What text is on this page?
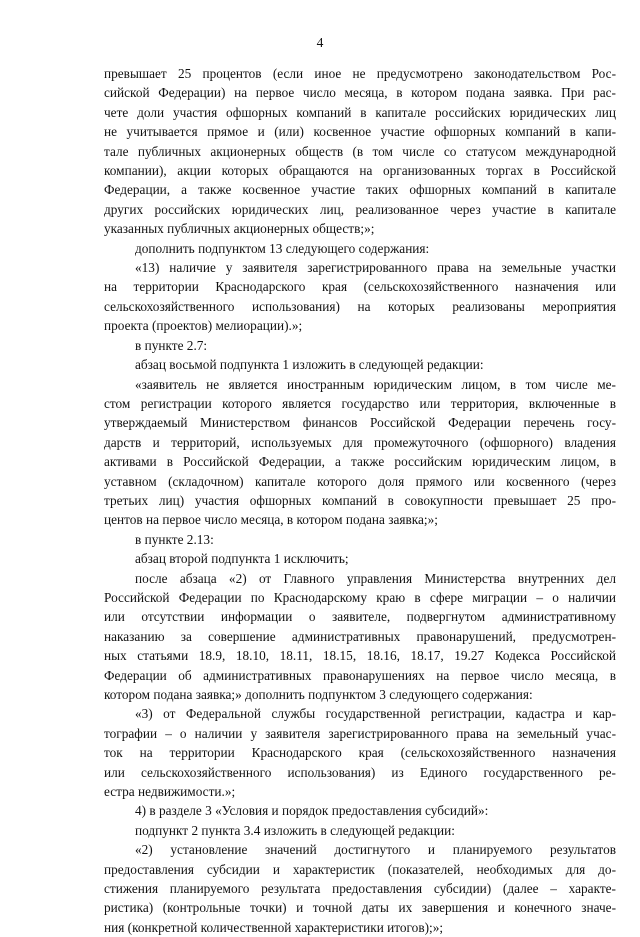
4
превышает 25 процентов (если иное не предусмотрено законодательством Рос-
сийской Федерации) на первое число месяца, в котором подана заявка. При рас-
чете доли участия офшорных компаний в капитале российских юридических лиц
не учитывается прямое и (или) косвенное участие офшорных компаний в капи-
тале публичных акционерных обществ (в том числе со статусом международной
компании), акции которых обращаются на организованных торгах в Российской
Федерации, а также косвенное участие таких офшорных компаний в капитале
других российских юридических лиц, реализованное через участие в капитале
указанных публичных акционерных обществ;»;
дополнить подпунктом 13 следующего содержания:
«13) наличие у заявителя зарегистрированного права на земельные участки
на территории Краснодарского края (сельскохозяйственного назначения или
сельскохозяйственного использования) на которых реализованы мероприятия
проекта (проектов) мелиорации).»;
в пункте 2.7:
абзац восьмой подпункта 1 изложить в следующей редакции:
«заявитель не является иностранным юридическим лицом, в том числе ме-
стом регистрации которого является государство или территория, включенные в
утверждаемый Министерством финансов Российской Федерации перечень госу-
дарств и территорий, используемых для промежуточного (офшорного) владения
активами в Российской Федерации, а также российским юридическим лицом, в
уставном (складочном) капитале которого доля прямого или косвенного (через
третьих лиц) участия офшорных компаний в совокупности превышает 25 про-
центов на первое число месяца, в котором подана заявка;»;
в пункте 2.13:
абзац второй подпункта 1 исключить;
после абзаца «2) от Главного управления Министерства внутренних дел
Российской Федерации по Краснодарскому краю в сфере миграции – о наличии
или отсутствии информации о заявителе, подвергнутом административному
наказанию за совершение административных правонарушений, предусмотрен-
ных статьями 18.9, 18.10, 18.11, 18.15, 18.16, 18.17, 19.27 Кодекса Российской
Федерации об административных правонарушениях на первое число месяца, в
котором подана заявка;» дополнить подпунктом 3 следующего содержания:
«3) от Федеральной службы государственной регистрации, кадастра и кар-
тографии – о наличии у заявителя зарегистрированного права на земельный учас-
ток на территории Краснодарского края (сельскохозяйственного назначения
или сельскохозяйственного использования) из Единого государственного ре-
естра недвижимости.»;
4) в разделе 3 «Условия и порядок предоставления субсидий»:
подпункт 2 пункта 3.4 изложить в следующей редакции:
«2) установление значений достигнутого и планируемого результатов
предоставления субсидии и характеристик (показателей, необходимых для до-
стижения планируемого результата предоставления субсидии) (далее – характе-
ристика) (контрольные точки) и точной даты их завершения и конечного значе-
ния (конкретной количественной характеристики итогов);»;
